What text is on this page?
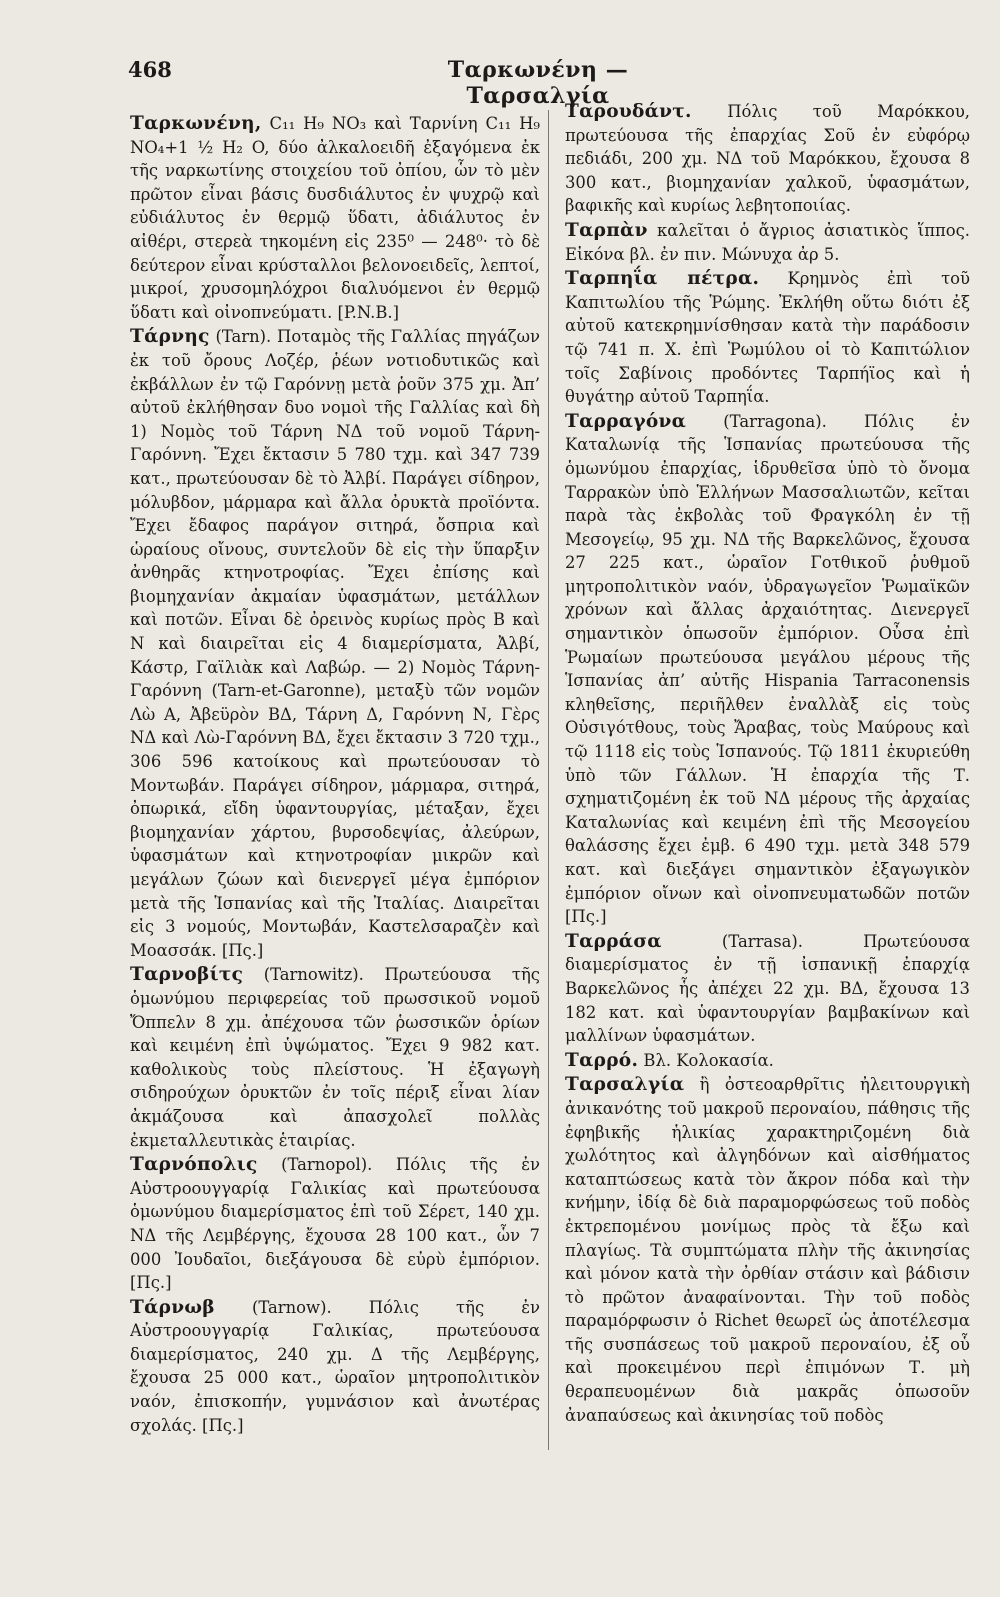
468	Ταρκωνένη — Ταρσαλγία

Ταρκωνένη, C₁₁ H₉ NO₃ καὶ Ταρνίνη C₁₁ H₉ NO₄+1 ½ H₂ O, δύο ἀλκαλοειδῆ ἐξαγόμενα ἐκ τῆς ναρκωτίνης στοιχείου τοῦ ὀπίου, ὧν τὸ μὲν πρῶτον εἶναι βάσις δυσδιάλυτος ἐν ψυχρῷ καὶ εὐδιάλυτος ἐν θερμῷ ὕδατι, ἀδιάλυτος ἐν αἰθέρι, στερεὰ τηκομένη εἰς 235⁰ — 248⁰· τὸ δὲ δεύτερον εἶναι κρύσταλλοι βελονοειδεῖς, λεπτοί, μικροί, χρυσομηλόχροι διαλυόμενοι ἐν θερμῷ ὕδατι καὶ οἰνοπνεύματι. [P.N.B.]

Τάρνης (Tarn). Ποταμὸς τῆς Γαλλίας πηγάζων ἐκ τοῦ ὄρους Λοζέρ, ῥέων νοτιοδυτικῶς καὶ ἐκβάλλων ἐν τῷ Γαρόννῃ μετὰ ῥοῦν 375 χμ. Ἀπ’ αὐτοῦ ἐκλήθησαν δυο νομοὶ τῆς Γαλλίας καὶ δὴ 1) Νομὸς τοῦ Τάρνη ΝΔ τοῦ νομοῦ Τάρνη-Γαρόννη. Ἔχει ἔκτασιν 5 780 τχμ. καὶ 347 739 κατ., πρωτεύουσαν δὲ τὸ Ἀλβί. Παράγει σίδηρον, μόλυβδον, μάρμαρα καὶ ἄλλα ὀρυκτὰ προϊόντα. Ἔχει ἔδαφος παράγον σιτηρά, ὄσπρια καὶ ὡραίους οἴνους, συντελοῦν δὲ εἰς τὴν ὕπαρξιν ἀνθηρᾶς κτηνοτροφίας. Ἔχει ἐπίσης καὶ βιομηχανίαν ἀκμαίαν ὑφασμάτων, μετάλλων καὶ ποτῶν. Εἶναι δὲ ὀρεινὸς κυρίως πρὸς Β καὶ Ν καὶ διαιρεῖται εἰς 4 διαμερίσματα, Ἀλβί, Κάστρ, Γαϊλιὰκ καὶ Λαβώρ. — 2) Νομὸς Τάρνη-Γαρόννη (Tarn-et-Garonne), μεταξὺ τῶν νομῶν Λὼ Α, Ἀβεϋρὸν ΒΔ, Τάρνη Δ, Γαρόννη Ν, Γὲρς ΝΔ καὶ Λὼ-Γαρόννη ΒΔ, ἔχει ἔκτασιν 3 720 τχμ., 306 596 κατοίκους καὶ πρωτεύουσαν τὸ Μοντωβάν. Παράγει σίδηρον, μάρμαρα, σιτηρά, ὀπωρικά, εἴδη ὑφαντουργίας, μέταξαν, ἔχει βιομηχανίαν χάρτου, βυρσοδεψίας, ἀλεύρων, ὑφασμάτων καὶ κτηνοτροφίαν μικρῶν καὶ μεγάλων ζώων καὶ διενεργεῖ μέγα ἐμπόριον μετὰ τῆς Ἱσπανίας καὶ τῆς Ἰταλίας. Διαιρεῖται εἰς 3 νομούς, Μοντωβάν, Καστελσαραζὲν καὶ Μοασσάκ. [Πς.]

Ταρνοβίτς (Tarnowitz). Πρωτεύουσα τῆς ὁμωνύμου περιφερείας τοῦ πρωσσικοῦ νομοῦ Ὄππελν 8 χμ. ἀπέχουσα τῶν ῥωσσικῶν ὁρίων καὶ κειμένη ἐπὶ ὑψώματος. Ἔχει 9 982 κατ. καθολικοὺς τοὺς πλείστους. Ἡ ἐξαγωγὴ σιδηρούχων ὀρυκτῶν ἐν τοῖς πέριξ εἶναι λίαν ἀκμάζουσα καὶ ἀπασχολεῖ πολλὰς ἐκμεταλλευτικὰς ἑταιρίας.

Ταρνόπολις (Tarnopol). Πόλις τῆς ἐν Αὐστροουγγαρίᾳ Γαλικίας καὶ πρωτεύουσα ὁμωνύμου διαμερίσματος ἐπὶ τοῦ Σέρετ, 140 χμ. ΝΔ τῆς Λεμβέργης, ἔχουσα 28 100 κατ., ὧν 7 000 Ἰουδαῖοι, διεξάγουσα δὲ εὐρὺ ἐμπόριον. [Πς.]

Τάρνωβ (Tarnow). Πόλις τῆς ἐν Αὐστροουγγαρίᾳ Γαλικίας, πρωτεύουσα διαμερίσματος, 240 χμ. Δ τῆς Λεμβέργης, ἔχουσα 25 000 κατ., ὡραῖον μητροπολιτικὸν ναόν, ἐπισκοπήν, γυμνάσιον καὶ ἀνωτέρας σχολάς. [Πς.]

Ταρουδάντ. Πόλις τοῦ Μαρόκκου, πρωτεύουσα τῆς ἐπαρχίας Σοῦ ἐν εὐφόρῳ πεδιάδι, 200 χμ. ΝΔ τοῦ Μαρόκκου, ἔχουσα 8 300 κατ., βιομηχανίαν χαλκοῦ, ὑφασμάτων, βαφικῆς καὶ κυρίως λεβητοποιίας.

Ταρπὰν καλεῖται ὁ ἄγριος ἀσιατικὸς ἵππος. Εἰκόνα βλ. ἐν πιν. Μώνυχα ἀρ 5.

Ταρπηΐα πέτρα. Κρημνὸς ἐπὶ τοῦ Καπιτωλίου τῆς Ῥώμης. Ἐκλήθη οὕτω διότι ἐξ αὐτοῦ κατεκρημνίσθησαν κατὰ τὴν παράδοσιν τῷ 741 π. Χ. ἐπὶ Ῥωμύλου οἱ τὸ Καπιτώλιον τοῖς Σαβίνοις προδόντες Ταρπήϊος καὶ ἡ θυγάτηρ αὐτοῦ Ταρπηΐα.

Ταρραγόνα (Tarragona). Πόλις ἐν Καταλωνίᾳ τῆς Ἱσπανίας πρωτεύουσα τῆς ὁμωνύμου ἐπαρχίας, ἱδρυθεῖσα ὑπὸ τὸ ὄνομα Ταρρακὼν ὑπὸ Ἑλλήνων Μασσαλιωτῶν, κεῖται παρὰ τὰς ἐκβολὰς τοῦ Φραγκόλη ἐν τῇ Μεσογείῳ, 95 χμ. ΝΔ τῆς Βαρκελῶνος, ἔχουσα 27 225 κατ., ὡραῖον Γοτθικοῦ ῥυθμοῦ μητροπολιτικὸν ναόν, ὑδραγωγεῖον Ῥωμαϊκῶν χρόνων καὶ ἄλλας ἀρχαιότητας. Διενεργεῖ σημαντικὸν ὁπωσοῦν ἐμπόριον. Οὖσα ἐπὶ Ῥωμαίων πρωτεύουσα μεγάλου μέρους τῆς Ἱσπανίας ἀπ’ αὐτῆς Hispania Tarraconensis κληθεῖσης, περιῆλθεν ἐναλλὰξ εἰς τοὺς Οὐσιγότθους, τοὺς Ἄραβας, τοὺς Μαύρους καὶ τῷ 1118 εἰς τοὺς Ἱσπανούς. Τῷ 1811 ἐκυριεύθη ὑπὸ τῶν Γάλλων. Ἡ ἐπαρχία τῆς Τ. σχηματιζομένη ἐκ τοῦ ΝΔ μέρους τῆς ἀρχαίας Καταλωνίας καὶ κειμένη ἐπὶ τῆς Μεσογείου θαλάσσης ἔχει ἐμβ. 6 490 τχμ. μετὰ 348 579 κατ. καὶ διεξάγει σημαντικὸν ἐξαγωγικὸν ἐμπόριον οἴνων καὶ οἰνοπνευματωδῶν ποτῶν [Πς.]

Ταρράσα (Tarrasa). Πρωτεύουσα διαμερίσματος ἐν τῇ ἰσπανικῇ ἐπαρχίᾳ Βαρκελῶνος ἧς ἀπέχει 22 χμ. ΒΔ, ἔχουσα 13 182 κατ. καὶ ὑφαντουργίαν βαμβακίνων καὶ μαλλίνων ὑφασμάτων.

Ταρρό. Βλ. Κολοκασία.

Ταρσαλγία ἢ ὀστεοαρθρῖτις ἠλειτουργικὴ ἀνικανότης τοῦ μακροῦ περοναίου, πάθησις τῆς ἐφηβικῆς ἡλικίας χαρακτηριζομένη διὰ χωλότητος καὶ ἀλγηδόνων καὶ αἰσθήματος καταπτώσεως κατὰ τὸν ἄκρον πόδα καὶ τὴν κνήμην, ἰδίᾳ δὲ διὰ παραμορφώσεως τοῦ ποδὸς ἐκτρεπομένου μονίμως πρὸς τὰ ἔξω καὶ πλαγίως. Τὰ συμπτώματα πλὴν τῆς ἀκινησίας καὶ μόνον κατὰ τὴν ὀρθίαν στάσιν καὶ βάδισιν τὸ πρῶτον ἀναφαίνονται. Τὴν τοῦ ποδὸς παραμόρφωσιν ὁ Richet θεωρεῖ ὡς ἀποτέλεσμα τῆς συσπάσεως τοῦ μακροῦ περοναίου, ἐξ οὗ καὶ προκειμένου περὶ ἐπιμόνων Τ. μὴ θεραπευομένων διὰ μακρᾶς ὁπωσοῦν ἀναπαύσεως καὶ ἀκινησίας τοῦ ποδὸς
